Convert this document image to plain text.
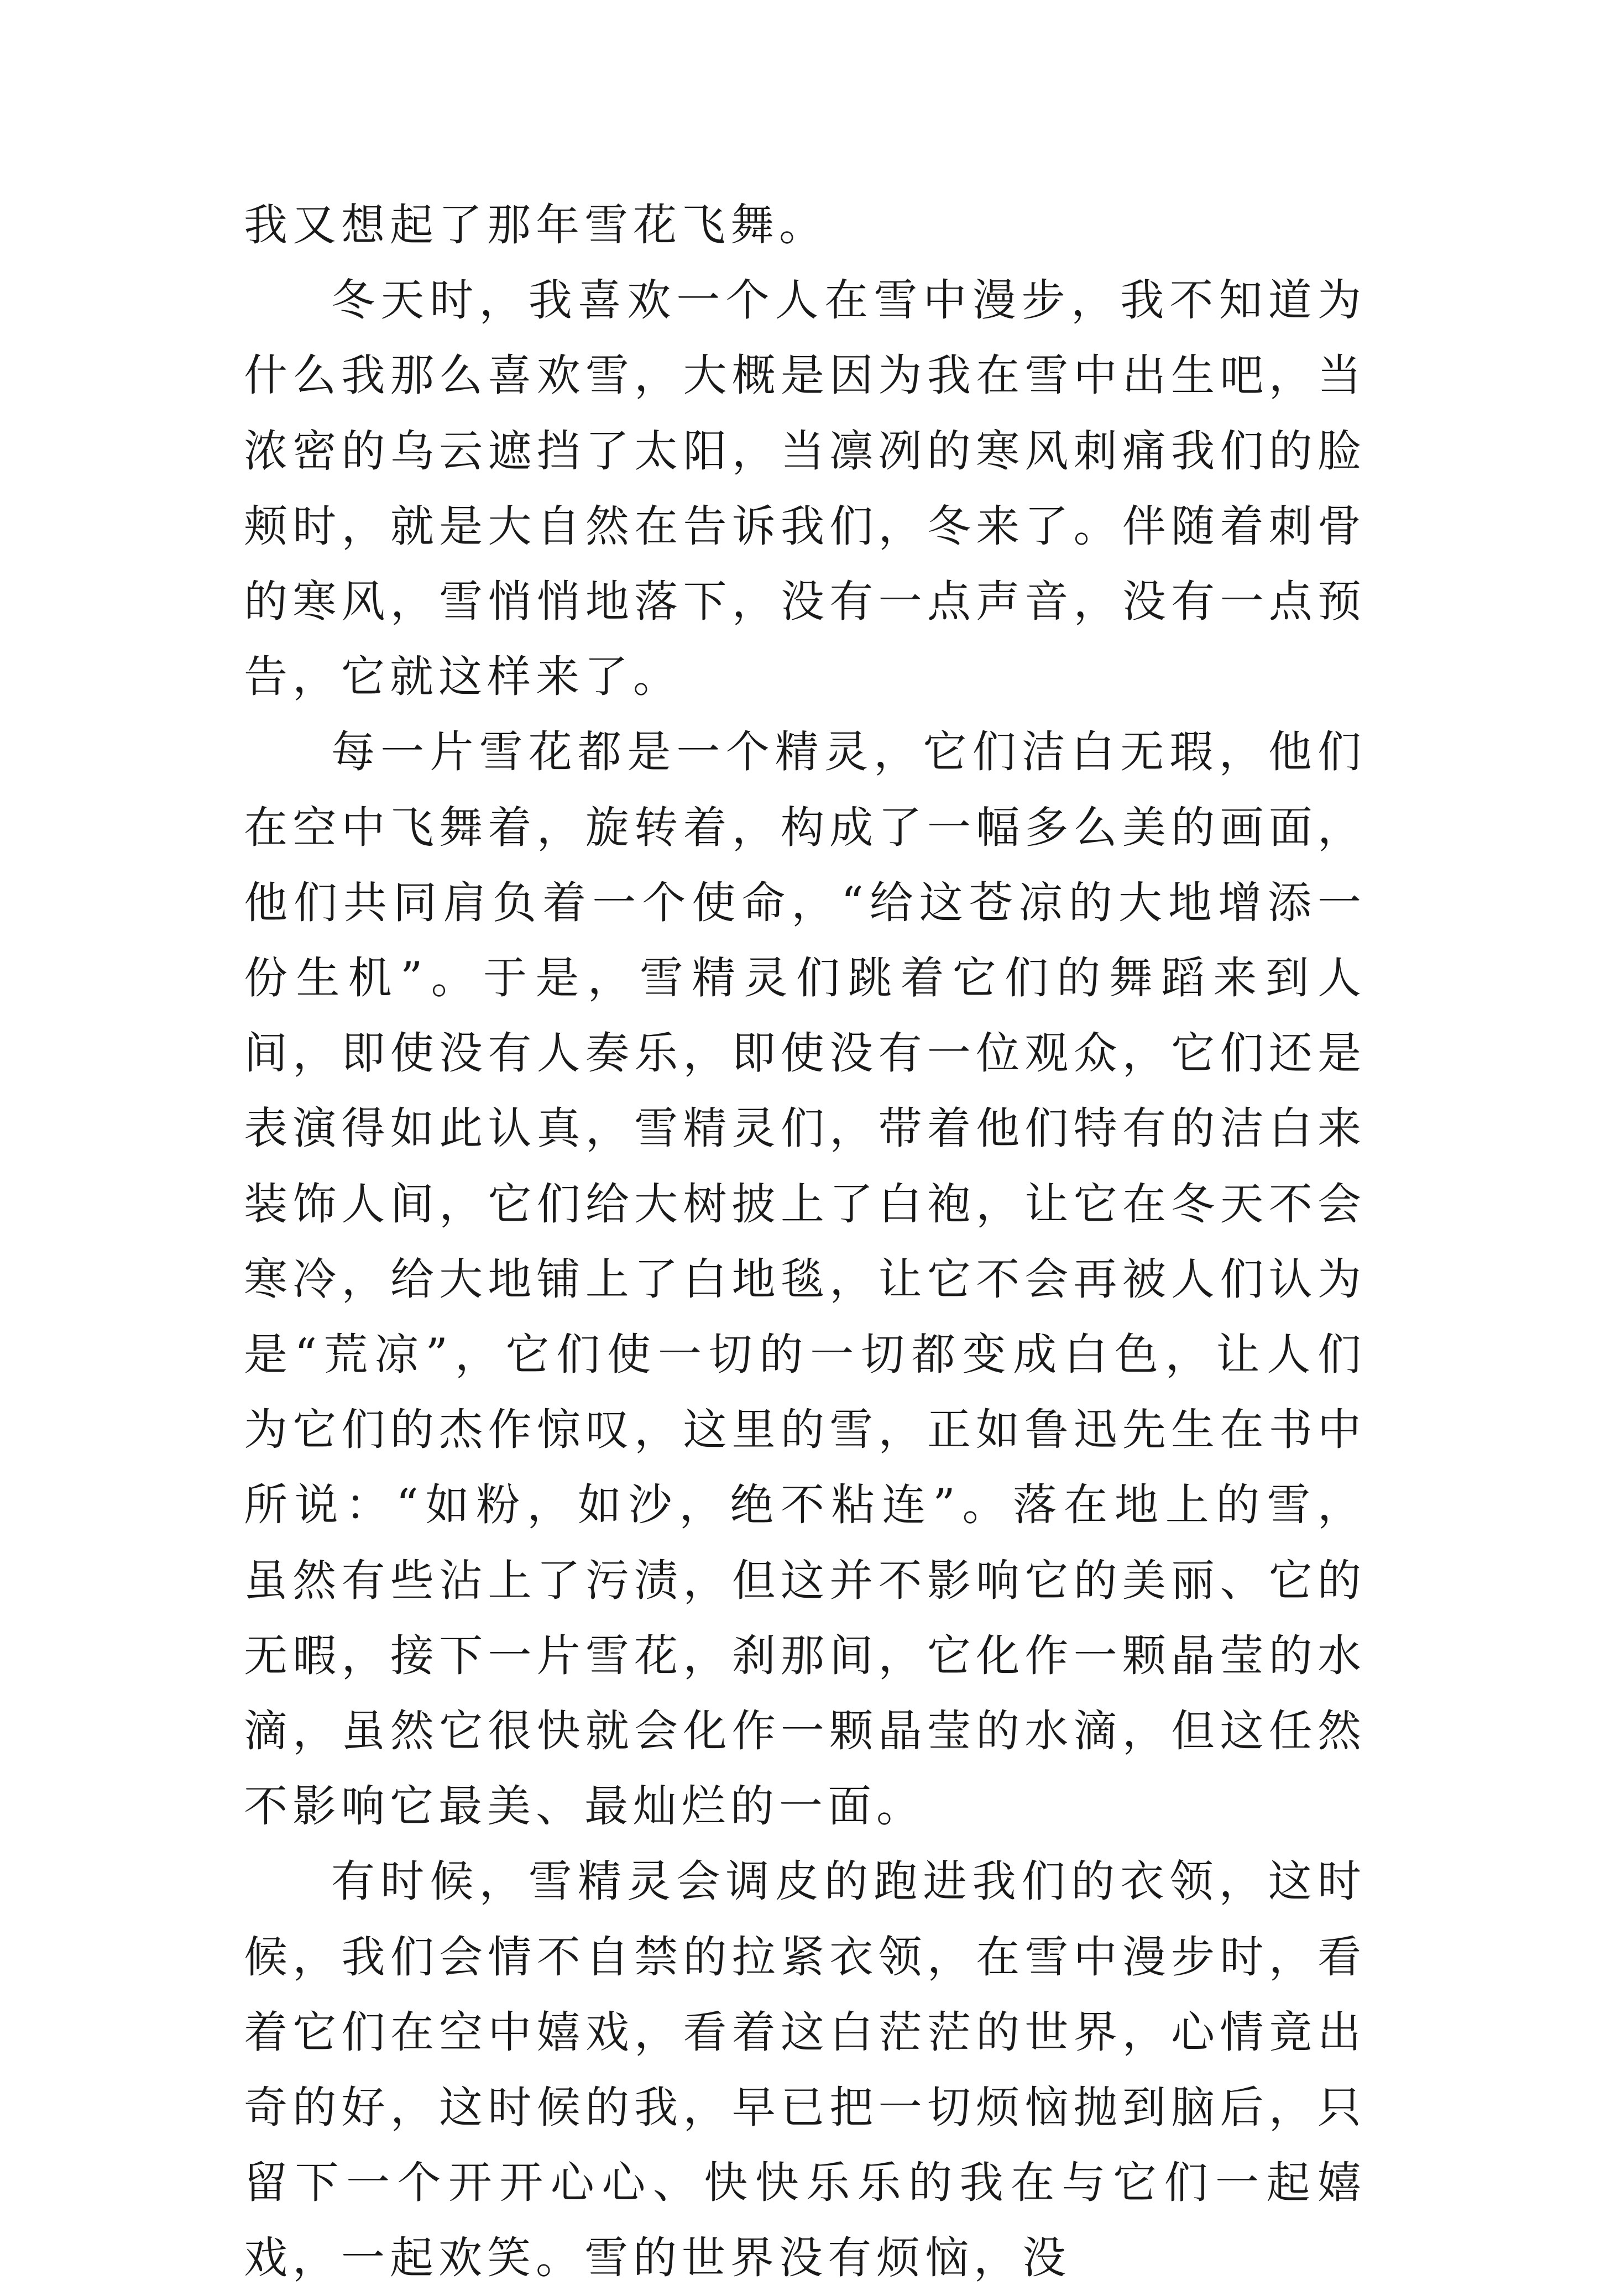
我又想起了那年雪花飞舞。

冬天时，我喜欢一个人在雪中漫步，我不知道为什么我那么喜欢雪，大概是因为我在雪中出生吧，当浓密的乌云遮挡了太阳，当凛冽的寒风刺痛我们的脸颊时，就是大自然在告诉我们，冬来了。伴随着刺骨的寒风，雪悄悄地落下，没有一点声音，没有一点预告，它就这样来了。

每一片雪花都是一个精灵，它们洁白无瑕，他们在空中飞舞着，旋转着，构成了一幅多么美的画面，他们共同肩负着一个使命，“给这苍凉的大地增添一份生机”。于是，雪精灵们跳着它们的舞蹈来到人间，即使没有人奏乐，即使没有一位观众，它们还是表演得如此认真，雪精灵们，带着他们特有的洁白来装饰人间，它们给大树披上了白袍，让它在冬天不会寒冷，给大地铺上了白地毯，让它不会再被人们认为是“荒凉”，它们使一切的一切都变成白色，让人们为它们的杰作惊叹，这里的雪，正如鲁迅先生在书中所说：“如粉，如沙，绝不粘连”。落在地上的雪，虽然有些沾上了污渍，但这并不影响它的美丽、它的无暇，接下一片雪花，刹那间，它化作一颗晶莹的水滴，虽然它很快就会化作一颗晶莹的水滴，但这任然不影响它最美、最灿烂的一面。

有时候，雪精灵会调皮的跑进我们的衣领，这时候，我们会情不自禁的拉紧衣领，在雪中漫步时，看着它们在空中嬉戏，看着这白茫茫的世界，心情竟出奇的好，这时候的我，早已把一切烦恼抛到脑后，只留下一个开开心心、快快乐乐的我在与它们一起嬉戏，一起欢笑。雪的世界没有烦恼，没
